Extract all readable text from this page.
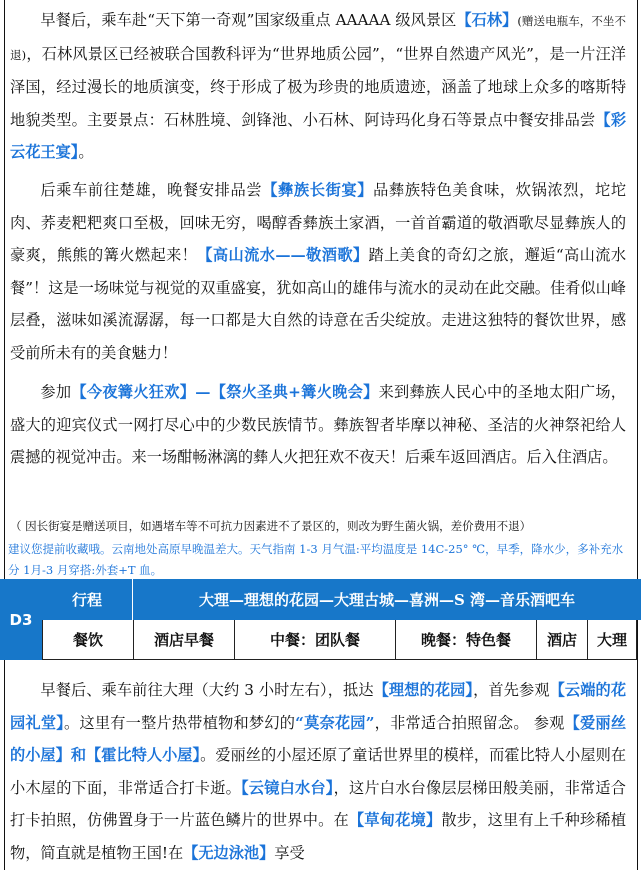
早餐后，乘车赴“天下第一奇观”国家级重点 AAAAA 级风景区【石林】(赠送电瓶车，不坐不退)，石林风景区已经被联合国教科评为“世界地质公园”，“世界自然遗产风光”，是一片汪洋泽国，经过漫长的地质演变，终于形成了极为珍贵的地质遗迹，涵盖了地球上众多的喀斯特地貌类型。主要景点：石林胜境、剑锋池、小石林、阿诗玛化身石等景点中餐安排品尝【彩云花王宴】。

后乘车前往楚雄，晚餐安排品尝【彝族长街宴】品彝族特色美食味，炊锅浓烈，坨坨肉、荞麦粑粑爽口至极，回味无穷，喝醇香彝族土家酒，一首首霸道的敬酒歌尽显彝族人的豪爽，熊熊的篝火燃起来！【高山流水——敬酒歌】踏上美食的奇幻之旅，邂逅“高山流水餐”！这是一场味觉与视觉的双重盛宴，犹如高山的雄伟与流水的灵动在此交融。佳肴似山峰层叠，滋味如溪流潺潺，每一口都是大自然的诗意在舌尖绽放。走进这独特的餐饮世界，感受前所未有的美食魅力！

参加【今夜篝火狂欢】—【祭火圣典+篝火晚会】来到彝族人民心中的圣地太阳广场，盛大的迎宾仪式一网打尽心中的少数民族情节。彝族智者毕摩以神秘、圣洁的火神祭祀给人震撼的视觉冲击。来一场酣畅淋漓的彝人火把狂欢不夜天！后乘车返回酒店。后入住酒店。

（ 因长街宴是赠送项目，如遇堵车等不可抗力因素进不了景区的，则改为野生菌火锅，差价费用不退）

建议您提前收藏哦。云南地处高原早晚温差大。天气指南 1-3 月气温:平均温度是 14C-25° ℃，早季，降水少，多补充水分 1月-3 月穿搭:外套+T 血。

D3
行程	大理—理想的花园—大理古城—喜洲—S 湾—音乐酒吧车
餐饮	酒店早餐	中餐：团队餐	晚餐：特色餐	酒店	大理

早餐后、乘车前往大理（大约 3 小时左右），抵达【理想的花园】，首先参观【云端的花园礼堂】。这里有一整片热带植物和梦幻的“莫奈花园”，非常适合拍照留念。 参观【爱丽丝的小屋】和【霍比特人小屋】。爱丽丝的小屋还原了童话世界里的模样，而霍比特人小屋则在小木屋的下面，非常适合打卡逝。【云镜白水台】，这片白水台像层层梯田般美丽，非常适合打卡拍照，仿佛置身于一片蓝色鳞片的世界中。在【草甸花境】散步，这里有上千种珍稀植物，简直就是植物王国!在【无边泳池】享受
